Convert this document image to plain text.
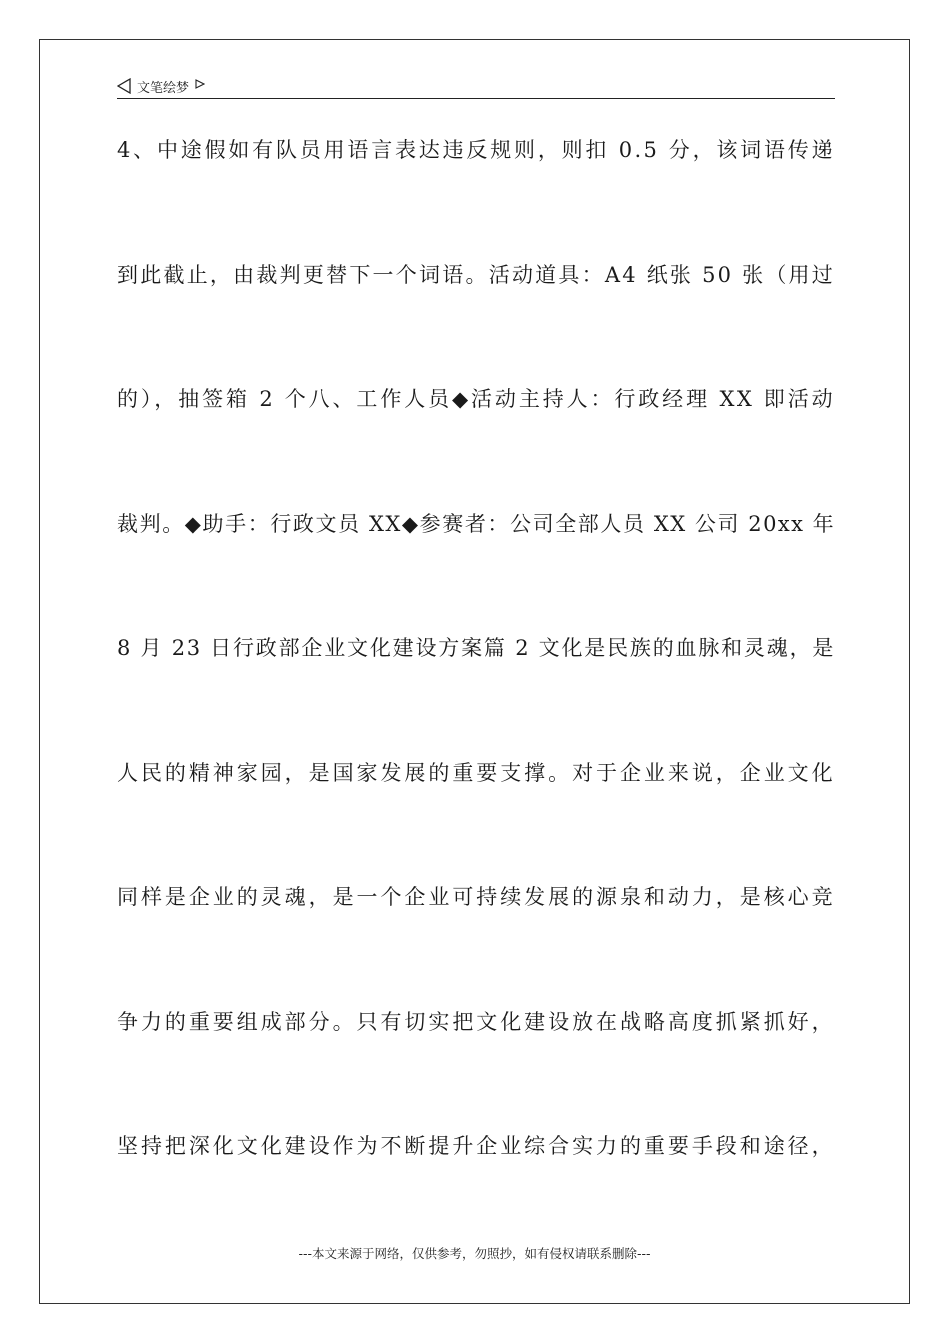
文笔绘梦
4、中途假如有队员用语言表达违反规则，则扣 0.5 分，该词语传递
到此截止，由裁判更替下一个词语。活动道具：A4 纸张 50 张（用过
的），抽签箱 2 个八、工作人员◆活动主持人：行政经理 XX 即活动
裁判。◆助手：行政文员 XX◆参赛者：公司全部人员 XX 公司 20xx 年
8 月 23 日行政部企业文化建设方案篇 2 文化是民族的血脉和灵魂，是
人民的精神家园，是国家发展的重要支撑。对于企业来说，企业文化
同样是企业的灵魂，是一个企业可持续发展的源泉和动力，是核心竞
争力的重要组成部分。只有切实把文化建设放在战略高度抓紧抓好，
坚持把深化文化建设作为不断提升企业综合实力的重要手段和途径，
---本文来源于网络，仅供参考，勿照抄，如有侵权请联系删除---
